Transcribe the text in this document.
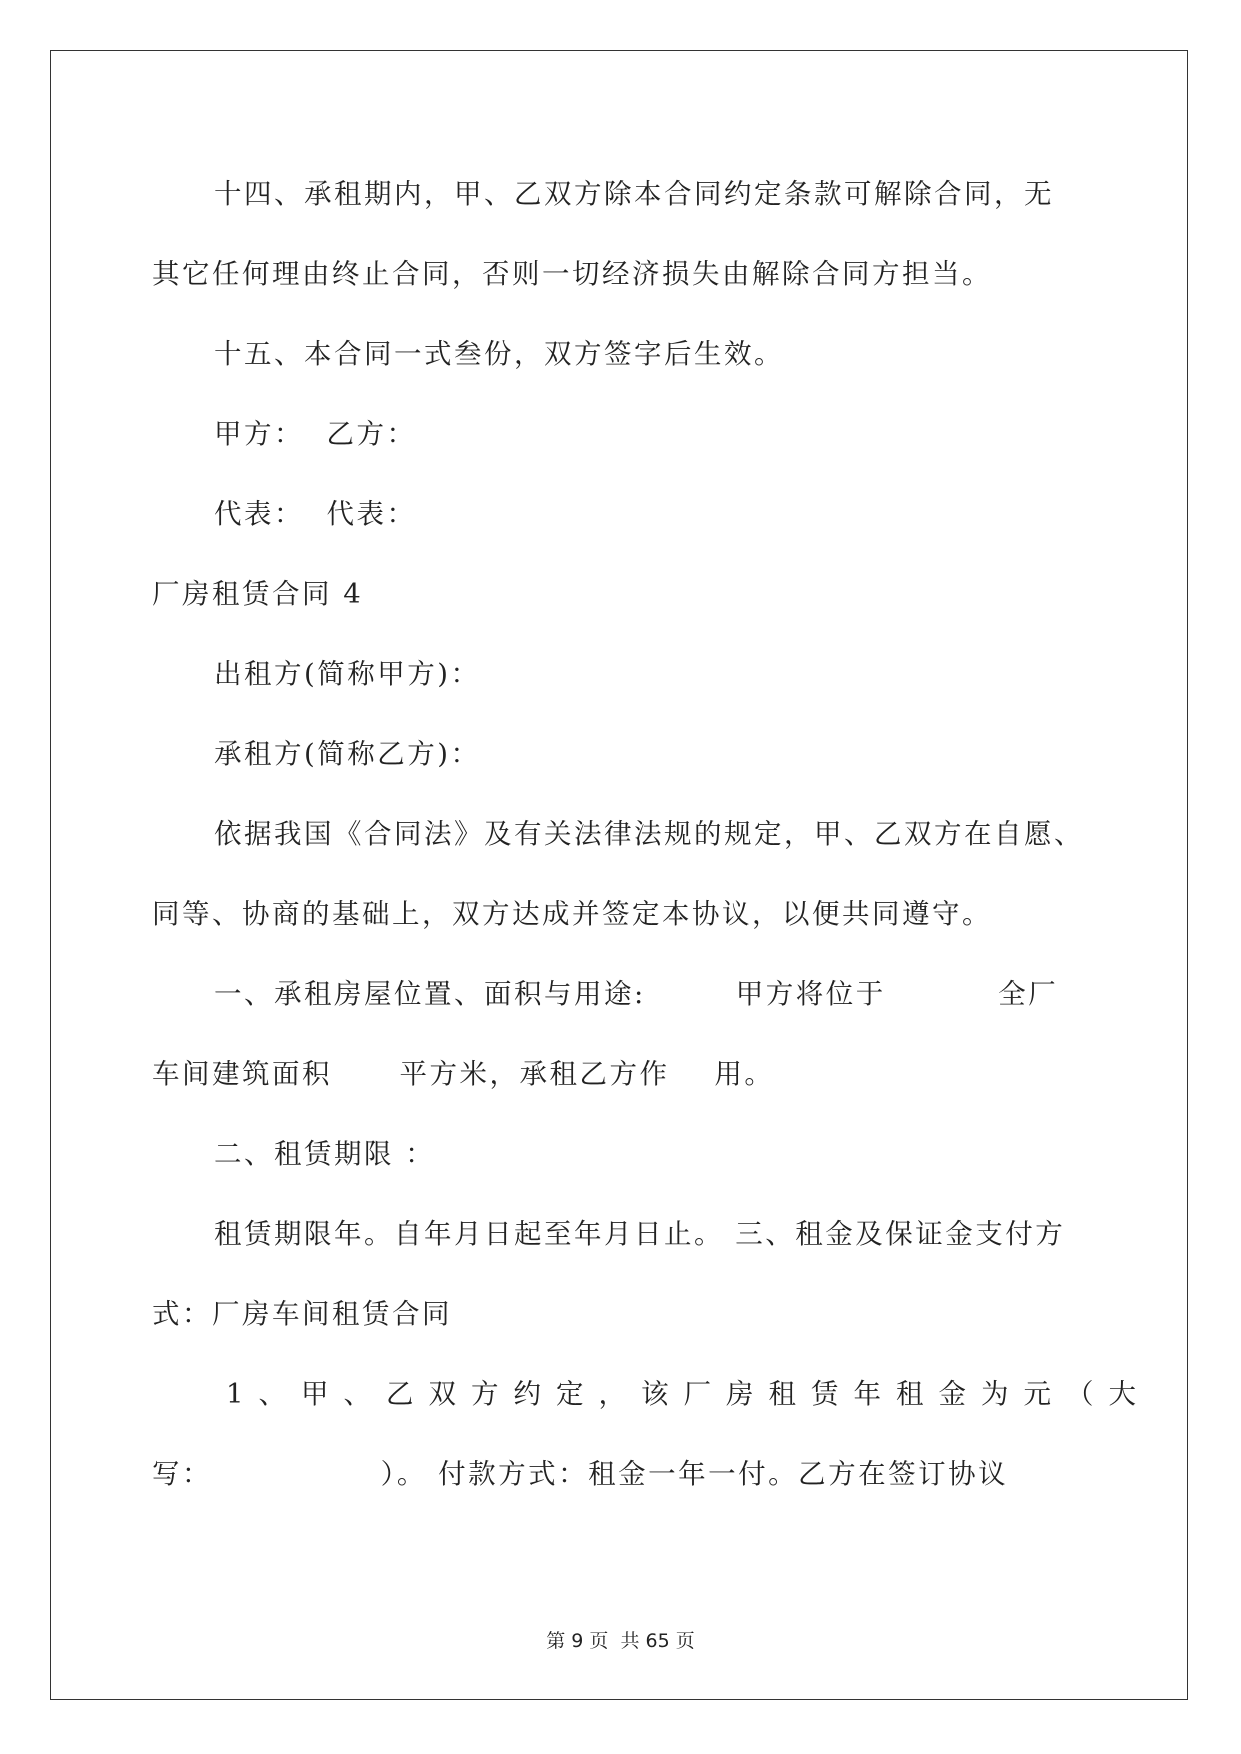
十四、承租期内，甲、乙双方除本合同约定条款可解除合同，无
其它任何理由终止合同，否则一切经济损失由解除合同方担当。
十五、本合同一式叁份，双方签字后生效。
甲方：  乙方：
代表：  代表：
厂房租赁合同 4
出租方(简称甲方)：
承租方(简称乙方)：
依据我国《合同法》及有关法律法规的规定，甲、乙双方在自愿、
同等、协商的基础上，双方达成并签定本协议，以便共同遵守。
一、承租房屋位置、面积与用途:        甲方将位于          全厂
车间建筑面积      平方米，承租乙方作    用。
二、租赁期限 ：
租赁期限年。自年月日起至年月日止。 三、租金及保证金支付方
式：厂房车间租赁合同
1、甲、乙双方约定，该厂房租赁年租金为元（大
写：               ）。 付款方式：租金一年一付。乙方在签订协议
第 9 页 共 65 页
